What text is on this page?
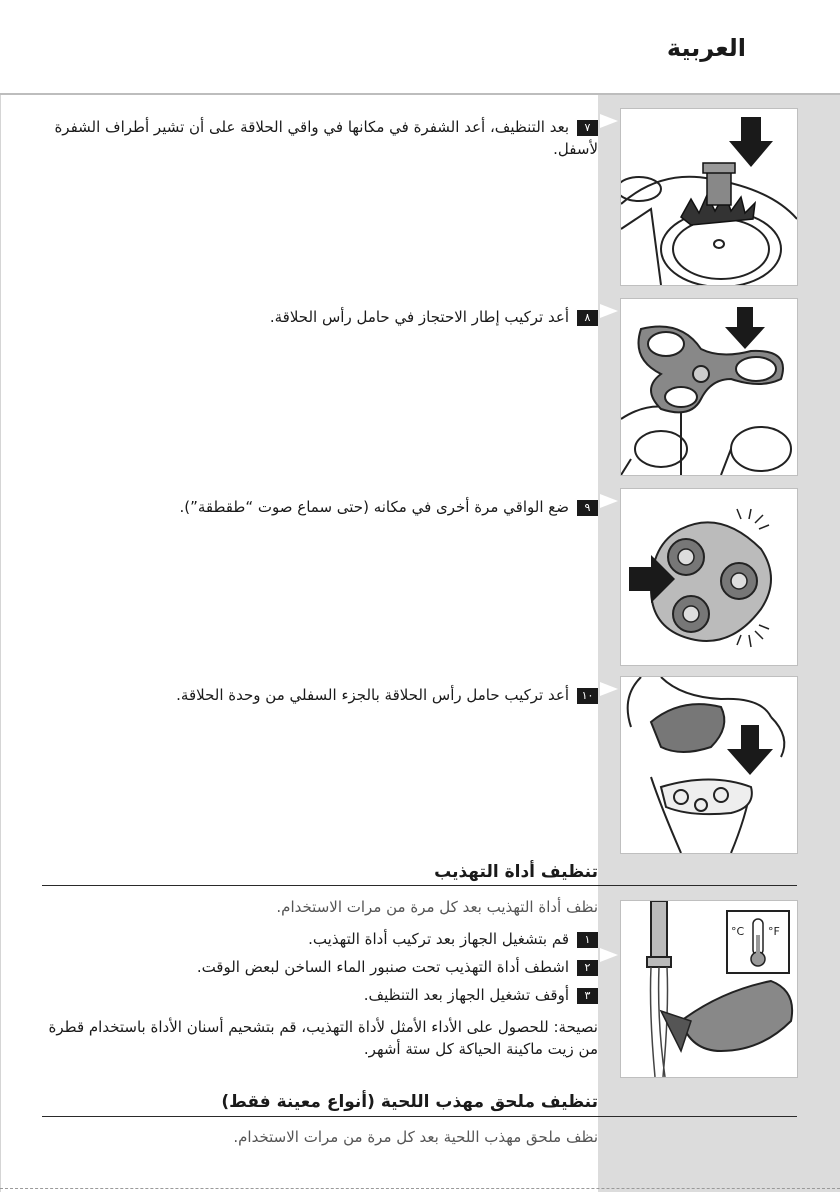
العربية
°C °F
٧بعد التنظيف، أعد الشفرة في مكانها في واقي الحلاقة على أن تشير أطراف الشفرة لأسفل.
٨أعد تركيب إطار الاحتجاز في حامل رأس الحلاقة.
٩ضع الواقي مرة أخرى في مكانه (حتى سماع صوت “طقطقة”).
١٠أعد تركيب حامل رأس الحلاقة بالجزء السفلي من وحدة الحلاقة.
تنظيف أداة التهذيب
نظف أداة التهذيب بعد كل مرة من مرات الاستخدام.
١قم بتشغيل الجهاز بعد تركيب أداة التهذيب.
٢اشطف أداة التهذيب تحت صنبور الماء الساخن لبعض الوقت.
٣أوقف تشغيل الجهاز بعد التنظيف.
نصيحة: للحصول على الأداء الأمثل لأداة التهذيب، قم بتشحيم أسنان الأداة باستخدام قطرة من زيت ماكينة الحياكة كل ستة أشهر.
تنظيف ملحق مهذب اللحية (أنواع معينة فقط)
نظف ملحق مهذب اللحية بعد كل مرة من مرات الاستخدام.
